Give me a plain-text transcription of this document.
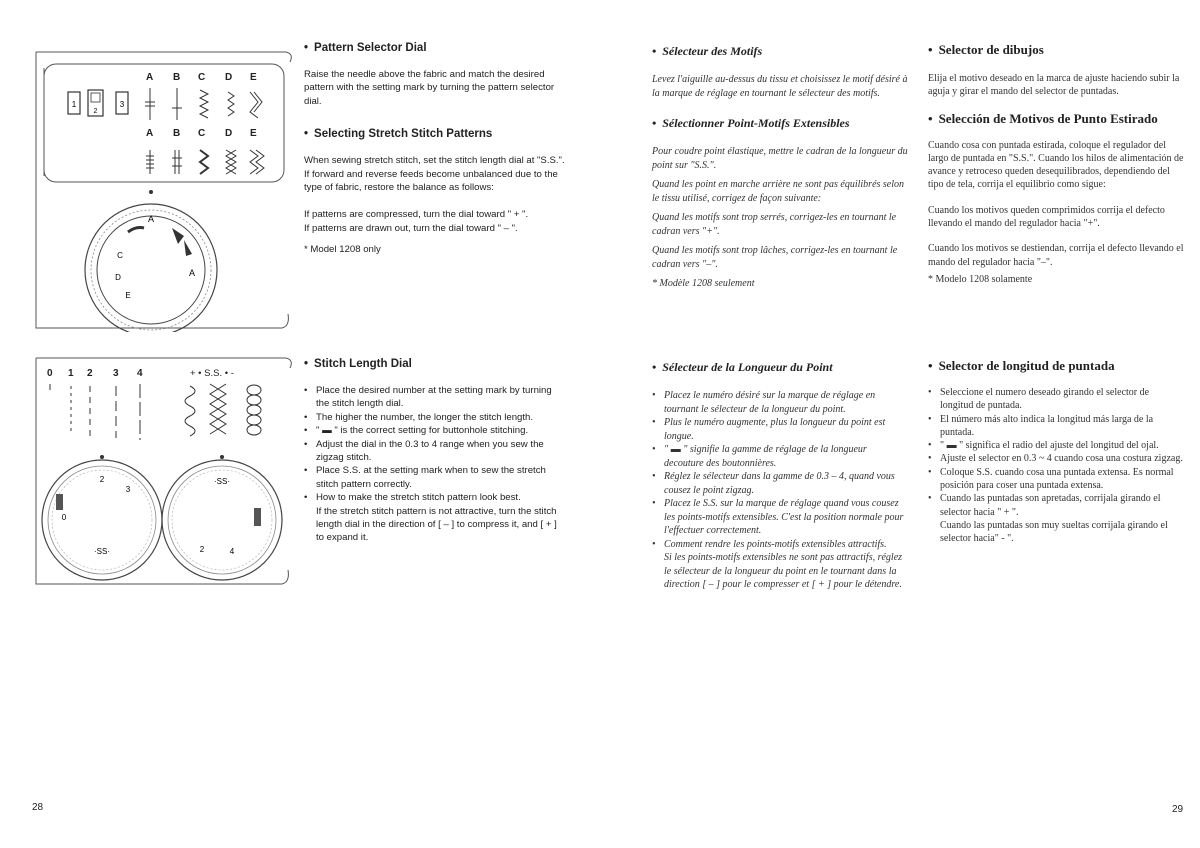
1
2
3
A
C
D
E
A
A B C D E
A B C D E
• Pattern Selector Dial
Raise the needle above the fabric and match the desired pattern with the setting mark by turning the pattern selector dial.
• Selecting Stretch Stitch Patterns
When sewing stretch stitch, set the stitch length dial at "S.S.".
If forward and reverse feeds become unbalanced due to the type of fabric, restore the balance as follows:
If patterns are compressed, turn the dial toward " + ".
If patterns are drawn out, turn the dial toward " – ".
* Model 1208 only
2
3
0
·SS·
·SS·
2	4
0 1 2 3 4	+ • S.S. • -
• Stitch Length Dial
• Place the desired number at the setting mark by turning the stitch length dial.
• The higher the number, the longer the stitch length.
• " ▬ " is the correct setting for buttonhole stitching.
• Adjust the dial in the 0.3 to 4 range when you sew the zigzag stitch.
• Place S.S. at the setting mark when to sew the stretch stitch pattern correctly.
• How to make the stretch stitch pattern look best.
If the stretch stitch pattern is not attractive, turn the stitch length dial in the direction of [ – ] to compress it, and [ + ] to expand it.
28
• Sélecteur des Motifs
Levez l'aiguille au-dessus du tissu et choisissez le motif désiré à la marque de réglage en tournant le sélecteur des motifs.
• Sélectionner Point-Motifs Extensibles
Pour coudre point élastique, mettre le cadran de la longueur du point sur "S.S.".
Quand les point en marche arrière ne sont pas équilibrés selon le tissu utilisé, corrigez de façon suivante:
Quand les motifs sont trop serrés, corrigez-les en tournant le cadran vers "+".
Quand les motifs sont trop lâches, corrigez-les en tournant le cadran vers "–".
* Modèle 1208 seulement
• Sélecteur de la Longueur du Point
• Placez le numéro désiré sur la marque de réglage en tournant le sélecteur de la longueur du point.
• Plus le numéro augmente, plus la longueur du point est longue.
• " ▬ " signifie la gamme de réglage de la longueur decouture des boutonnières.
• Réglez le sélecteur dans la gamme de 0.3 – 4, quand vous cousez le point zigzag.
• Placez le S.S. sur la marque de réglage quand vous cousez les points-motifs extensibles. C'est la position normale pour l'effectuer correctement.
• Comment rendre les points-motifs extensibles attractifs.
Si les points-motifs extensibles ne sont pas attractifs, réglez le sélecteur de la longueur du point en le tournant dans la direction [ – ] pour le compresser et [ + ] pour le détendre.
• Selector de dibujos
Elija el motivo deseado en la marca de ajuste haciendo subir la aguja y girar el mando del selector de puntadas.
• Selección de Motivos de Punto Estirado
Cuando cosa con puntada estirada, coloque el regulador del largo de puntada en "S.S.". Cuando los hilos de alimentación de avance y retroceso queden desequilibrados, dependiendo del tipo de tela, corrija el equilibrio como sigue:
Cuando los motivos queden comprimidos corrija el defecto llevando el mando del regulador hacia "+".
Cuando los motivos se destiendan, corrija el defecto llevando el mando del regulador hacia "–".
* Modelo 1208 solamente
• Selector de longitud de puntada
• Seleccione el numero deseado girando el selector de longitud de puntada.
• El número más alto indica la longitud más larga de la puntada.
• " ▬ " significa el radio del ajuste del longitud del ojal.
• Ajuste el selector en 0.3 ~ 4 cuando cosa una costura zigzag.
• Coloque S.S. cuando cosa una puntada extensa. Es normal posición para coser una puntada extensa.
• Cuando las puntadas son apretadas, corrijala girando el selector hacia " + ".
Cuando las puntadas son muy sueltas corrijala girando el selector hacia" - ".
29
